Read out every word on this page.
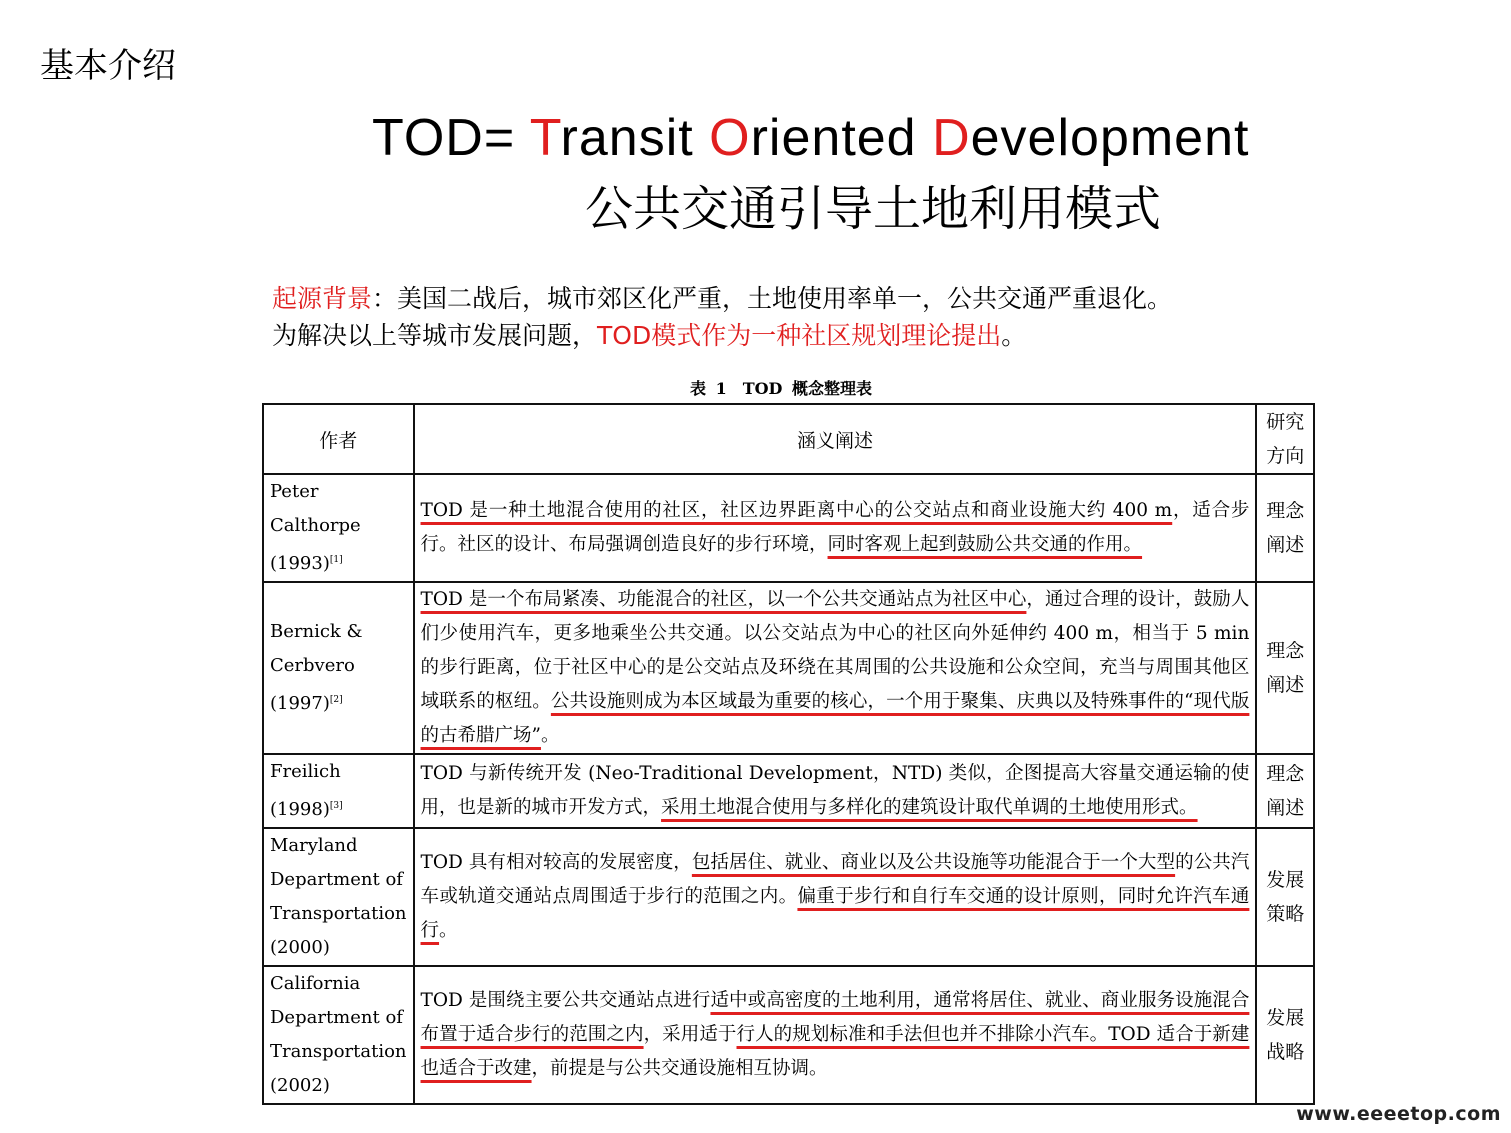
基本介绍
TOD= Transit Oriented Development
公共交通引导土地利用模式
起源背景：美国二战后，城市郊区化严重，土地使用率单一，公共交通严重退化。
为解决以上等城市发展问题，TOD模式作为一种社区规划理论提出。
表 1　TOD 概念整理表
作者	涵义阐述	研究方向
Peter
Calthorpe
(1993)[1]	TOD 是一种土地混合使用的社区，社区边界距离中心的公交站点和商业设施大约 400 m，适合步行。社区的设计、布局强调创造良好的步行环境，同时客观上起到鼓励公共交通的作用。	理念阐述
Bernick &
Cerbvero
(1997)[2]	TOD 是一个布局紧凑、功能混合的社区，以一个公共交通站点为社区中心，通过合理的设计，鼓励人们少使用汽车，更多地乘坐公共交通。以公交站点为中心的社区向外延伸约 400 m，相当于 5 min 的步行距离，位于社区中心的是公交站点及环绕在其周围的公共设施和公众空间，充当与周围其他区域联系的枢纽。公共设施则成为本区域最为重要的核心，一个用于聚集、庆典以及特殊事件的“现代版的古希腊广场”。	理念阐述
Freilich
(1998)[3]	TOD 与新传统开发 (Neo-Traditional Development，NTD) 类似，企图提高大容量交通运输的使用，也是新的城市开发方式，采用土地混合使用与多样化的建筑设计取代单调的土地使用形式。	理念阐述
Maryland
Department of
Transportation
(2000)	TOD 具有相对较高的发展密度，包括居住、就业、商业以及公共设施等功能混合于一个大型的公共汽车或轨道交通站点周围适于步行的范围之内。偏重于步行和自行车交通的设计原则，同时允许汽车通行。	发展策略
California
Department of
Transportation
(2002)	TOD 是围绕主要公共交通站点进行适中或高密度的土地利用，通常将居住、就业、商业服务设施混合布置于适合步行的范围之内，采用适于行人的规划标准和手法但也并不排除小汽车。TOD 适合于新建也适合于改建，前提是与公共交通设施相互协调。	发展战略
www.eeeetop.com
